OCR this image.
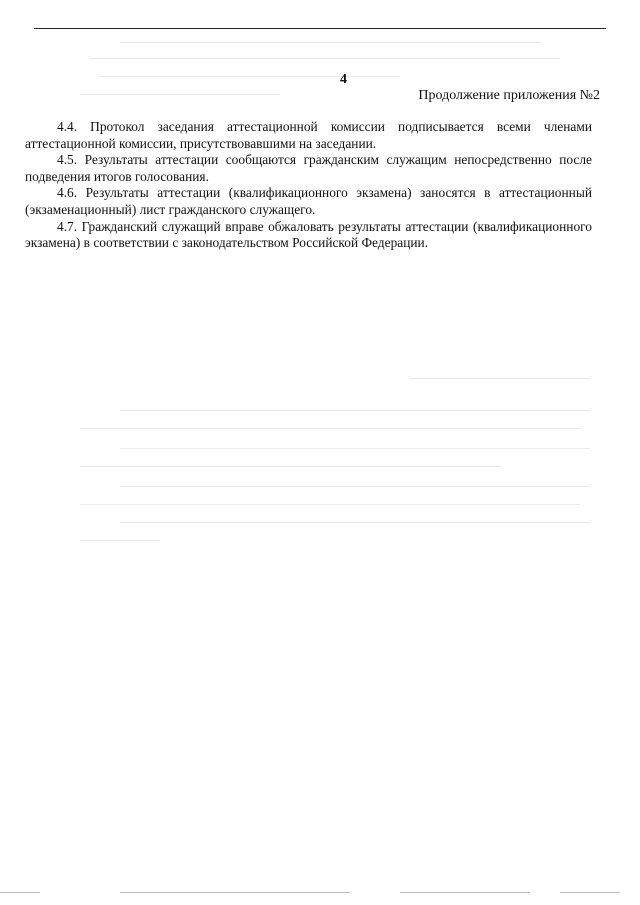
4
Продолжение приложения №2

4.4. Протокол заседания аттестационной комиссии подписывается всеми членами аттестационной комиссии, присутствовавшими на заседании.

4.5. Результаты аттестации сообщаются гражданским служащим непосредственно после подведения итогов голосования.

4.6. Результаты аттестации (квалификационного экзамена) заносятся в аттестационный (экзаменационный) лист гражданского служащего.

4.7. Гражданский служащий вправе обжаловать результаты аттестации (квалификационного экзамена) в соответствии с законодательством Российской Федерации.
